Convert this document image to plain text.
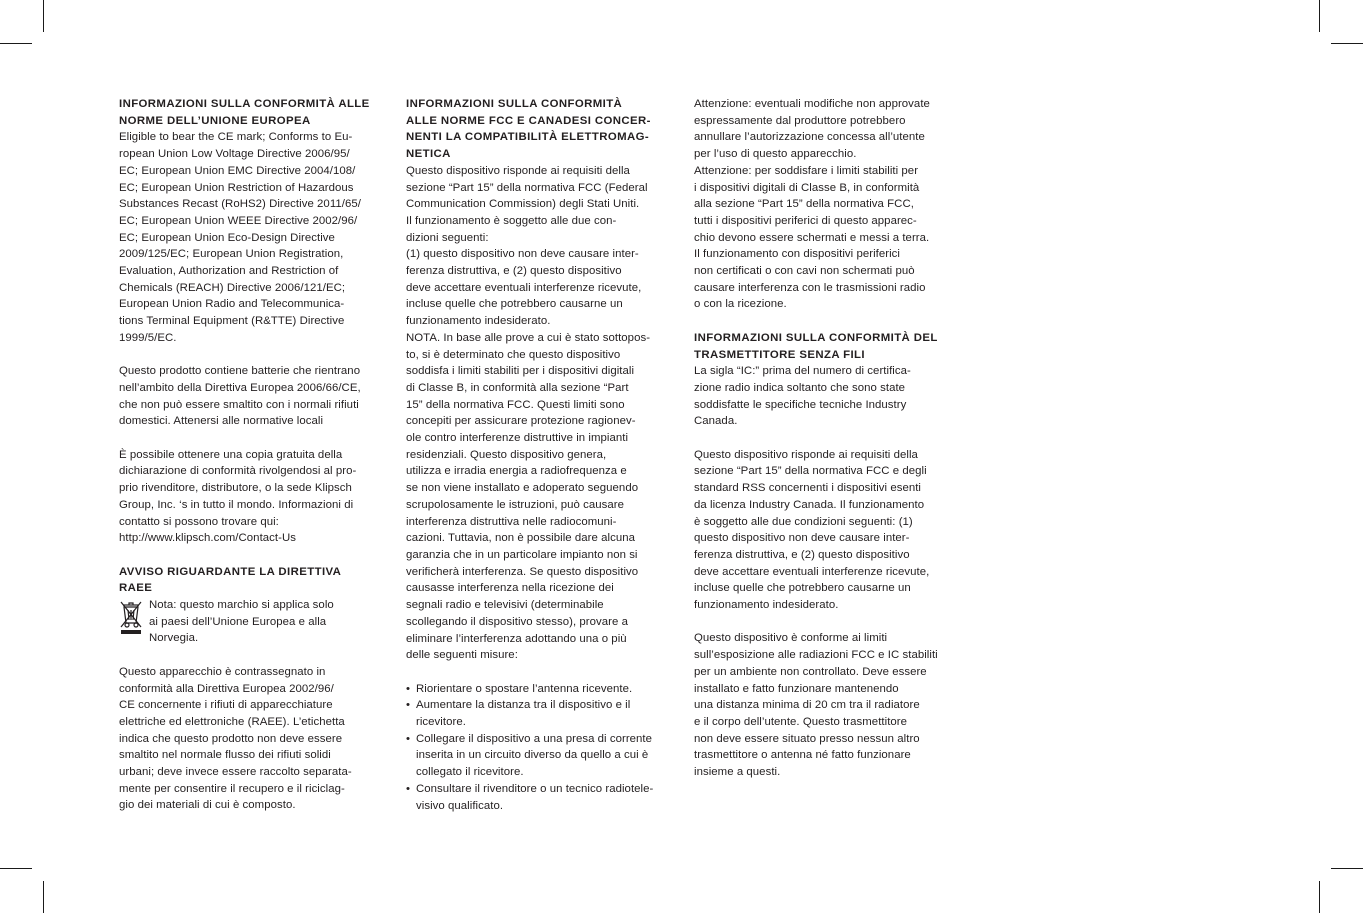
INFORMAZIONI SULLA CONFORMITÀ ALLE
NORME DELL’UNIONE EUROPEA

Eligible to bear the CE mark; Conforms to Eu-
ropean Union Low Voltage Directive 2006/95/
EC; European Union EMC Directive 2004/108/
EC; European Union Restriction of Hazardous
Substances Recast (RoHS2) Directive 2011/65/
EC; European Union WEEE Directive 2002/96/
EC; European Union Eco-Design Directive
2009/125/EC; European Union Registration,
Evaluation, Authorization and Restriction of
Chemicals (REACH) Directive 2006/121/EC;
European Union Radio and Telecommunica-
tions Terminal Equipment (R&TTE) Directive
1999/5/EC.

Questo prodotto contiene batterie che rientrano
nell’ambito della Direttiva Europea 2006/66/CE,
che non può essere smaltito con i normali rifiuti
domestici. Attenersi alle normative locali

È possibile ottenere una copia gratuita della
dichiarazione di conformità rivolgendosi al pro-
prio rivenditore, distributore, o la sede Klipsch
Group, Inc. ‘s in tutto il mondo. Informazioni di
contatto si possono trovare qui:
http://www.klipsch.com/Contact-Us

AVVISO RIGUARDANTE LA DIRETTIVA
RAEE

Nota: questo marchio si applica solo
ai paesi dell’Unione Europea e alla
Norvegia.

Questo apparecchio è contrassegnato in
conformità alla Direttiva Europea 2002/96/
CE concernente i rifiuti di apparecchiature
elettriche ed elettroniche (RAEE). L’etichetta
indica che questo prodotto non deve essere
smaltito nel normale flusso dei rifiuti solidi
urbani; deve invece essere raccolto separata-
mente per consentire il recupero e il riciclag-
gio dei materiali di cui è composto.

INFORMAZIONI SULLA CONFORMITÀ
ALLE NORME FCC E CANADESI CONCER-
NENTI LA COMPATIBILITÀ ELETTROMAG-
NETICA

Questo dispositivo risponde ai requisiti della
sezione “Part 15” della normativa FCC (Federal
Communication Commission) degli Stati Uniti.
Il funzionamento è soggetto alle due con-
dizioni seguenti:

(1) questo dispositivo non deve causare inter-
ferenza distruttiva, e (2) questo dispositivo
deve accettare eventuali interferenze ricevute,
incluse quelle che potrebbero causarne un
funzionamento indesiderato.

NOTA. In base alle prove a cui è stato sottopos-
to, si è determinato che questo dispositivo
soddisfa i limiti stabiliti per i dispositivi digitali
di Classe B, in conformità alla sezione “Part
15” della normativa FCC. Questi limiti sono
concepiti per assicurare protezione ragionev-
ole contro interferenze distruttive in impianti
residenziali. Questo dispositivo genera,
utilizza e irradia energia a radiofrequenza e
se non viene installato e adoperato seguendo
scrupolosamente le istruzioni, può causare
interferenza distruttiva nelle radiocomuni-
cazioni. Tuttavia, non è possibile dare alcuna
garanzia che in un particolare impianto non si
verificherà interferenza. Se questo dispositivo
causasse interferenza nella ricezione dei
segnali radio e televisivi (determinabile
scollegando il dispositivo stesso), provare a
eliminare l’interferenza adottando una o più
delle seguenti misure:

• Riorientare o spostare l’antenna ricevente.
• Aumentare la distanza tra il dispositivo e il
ricevitore.
• Collegare il dispositivo a una presa di corrente
inserita in un circuito diverso da quello a cui è
collegato il ricevitore.
• Consultare il rivenditore o un tecnico radiotele-
visivo qualificato.

Attenzione: eventuali modifiche non approvate
espressamente dal produttore potrebbero
annullare l’autorizzazione concessa all’utente
per l’uso di questo apparecchio.

Attenzione: per soddisfare i limiti stabiliti per
i dispositivi digitali di Classe B, in conformità
alla sezione “Part 15” della normativa FCC,
tutti i dispositivi periferici di questo apparec-
chio devono essere schermati e messi a terra.
Il funzionamento con dispositivi periferici
non certificati o con cavi non schermati può
causare interferenza con le trasmissioni radio
o con la ricezione.

INFORMAZIONI SULLA CONFORMITÀ DEL
TRASMETTITORE SENZA FILI

La sigla “IC:” prima del numero di certifica-
zione radio indica soltanto che sono state
soddisfatte le specifiche tecniche Industry
Canada.

Questo dispositivo risponde ai requisiti della
sezione “Part 15” della normativa FCC e degli
standard RSS concernenti i dispositivi esenti
da licenza Industry Canada. Il funzionamento
è soggetto alle due condizioni seguenti: (1)
questo dispositivo non deve causare inter-
ferenza distruttiva, e (2) questo dispositivo
deve accettare eventuali interferenze ricevute,
incluse quelle che potrebbero causarne un
funzionamento indesiderato.

Questo dispositivo è conforme ai limiti
sull’esposizione alle radiazioni FCC e IC stabiliti
per un ambiente non controllato. Deve essere
installato e fatto funzionare mantenendo
una distanza minima di 20 cm tra il radiatore
e il corpo dell’utente. Questo trasmettitore
non deve essere situato presso nessun altro
trasmettitore o antenna né fatto funzionare
insieme a questi.
